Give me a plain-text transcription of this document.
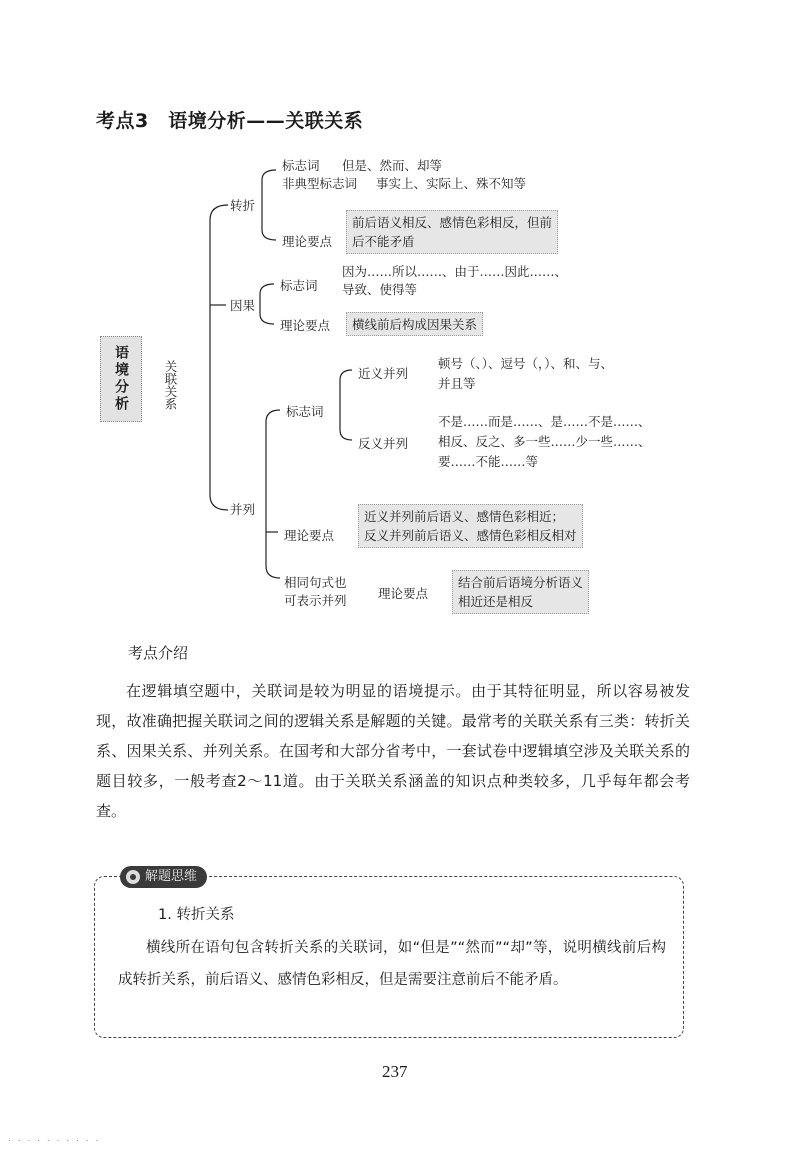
考点3　语境分析——关联关系
语境分析	关联关系
转折
标志词 但是、然而、却等
非典型标志词 事实上、实际上、殊不知等
理论要点
前后语义相反、感情色彩相反，但前
后不能矛盾
因果
标志词
因为……所以……、由于……因此……、
导致、使得等
理论要点	横线前后构成因果关系
并列
标志词
近义并列
顿号（、）、逗号（，）、和、与、
并且等
反义并列
不是……而是……、是……不是……、
相反、反之、多一些……少一些……、
要……不能……等
理论要点
近义并列前后语义、感情色彩相近；
反义并列前后语义、感情色彩相反相对
相同句式也
可表示并列	理论要点
结合前后语境分析语义
相近还是相反
考点介绍
在逻辑填空题中，关联词是较为明显的语境提示。由于其特征明显，所以容易被发现，故准确把握关联词之间的逻辑关系是解题的关键。最常考的关联关系有三类：转折关系、因果关系、并列关系。在国考和大部分省考中，一套试卷中逻辑填空涉及关联关系的题目较多，一般考查2～11道。由于关联关系涵盖的知识点种类较多，几乎每年都会考查。
解题思维
1. 转折关系
横线所在语句包含转折关系的关联词，如“但是”“然而”“却”等，说明横线前后构成转折关系，前后语义、感情色彩相反，但是需要注意前后不能矛盾。
237
. . . . . . . . . .
